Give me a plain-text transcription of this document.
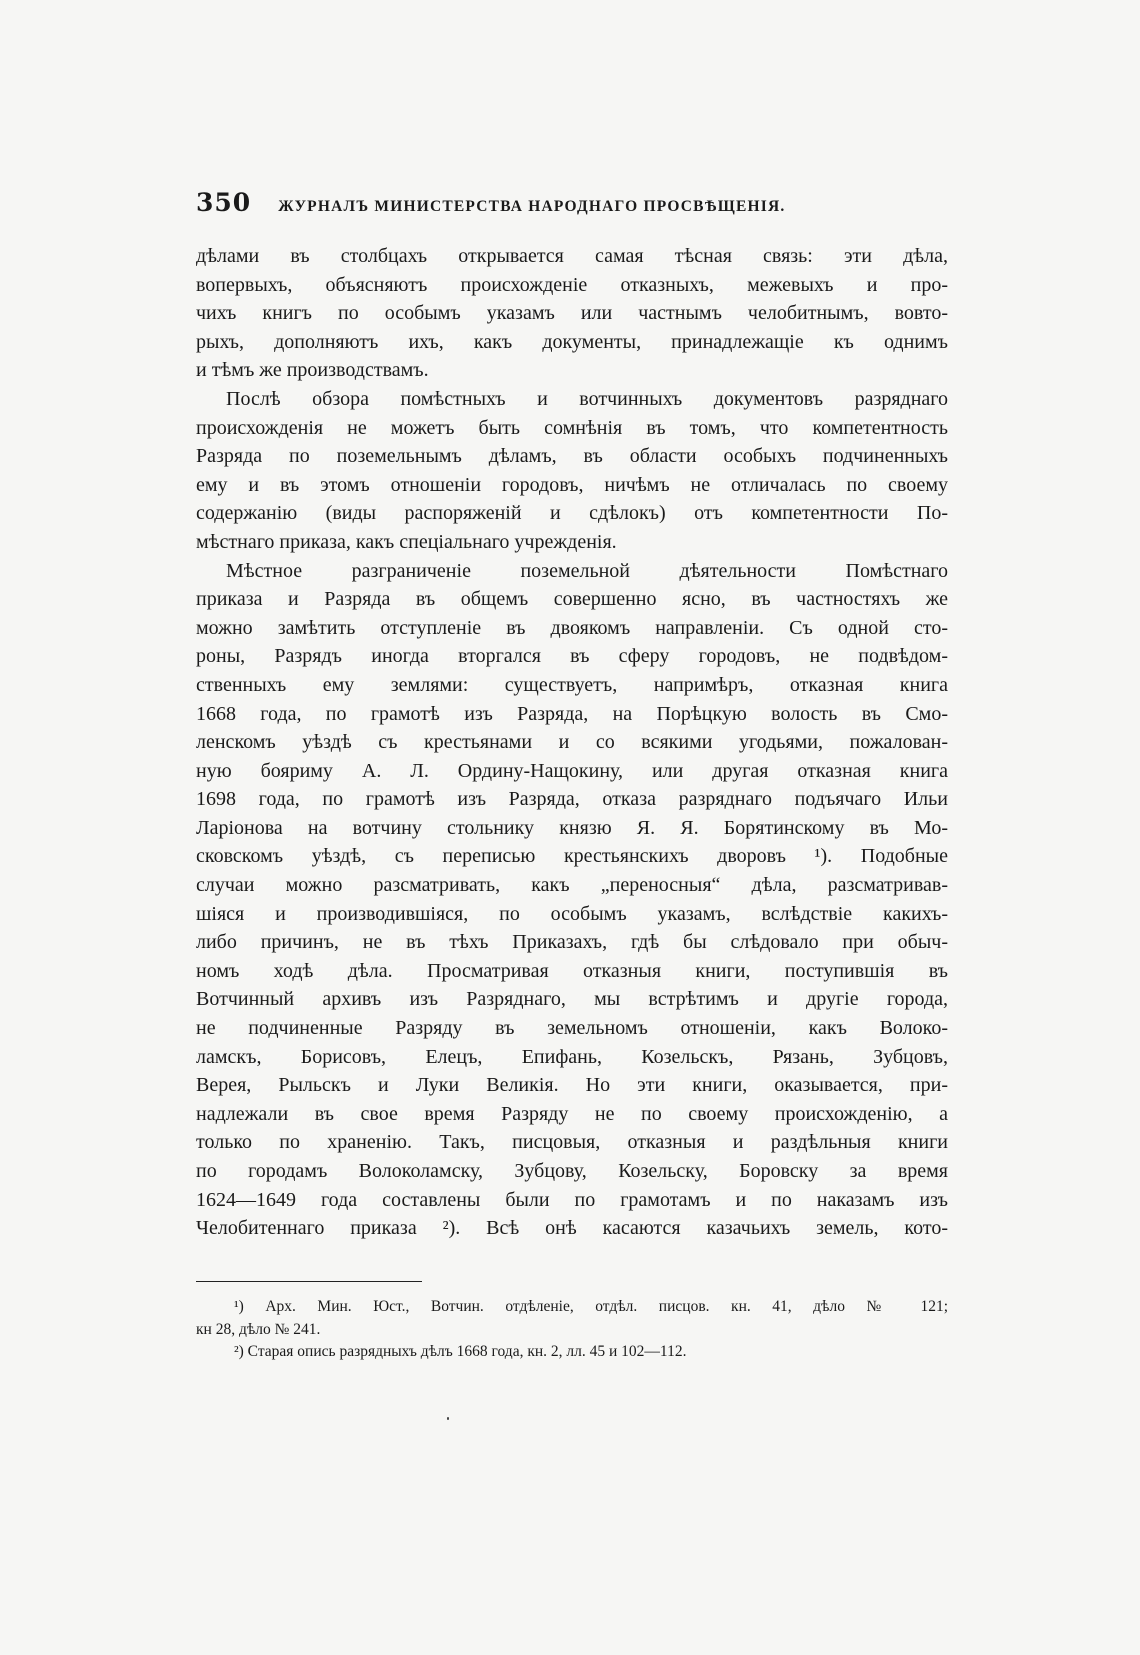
350 ЖУРНАЛЪ МИНИСТЕРСТВА НАРОДНАГО ПРОСВѢЩЕНІЯ.
дѣлами въ столбцахъ открывается самая тѣсная связь: эти дѣла,
вопервыхъ, объясняютъ происхожденіе отказныхъ, межевыхъ и про-
чихъ книгъ по особымъ указамъ или частнымъ челобитнымъ, вовто-
рыхъ, дополняютъ ихъ, какъ документы, принадлежащіе къ однимъ
и тѣмъ же производствамъ.
Послѣ обзора помѣстныхъ и вотчинныхъ документовъ разряднаго
происхожденія не можетъ быть сомнѣнія въ томъ, что компетентность
Разряда по поземельнымъ дѣламъ, въ области особыхъ подчиненныхъ
ему и въ этомъ отношеніи городовъ, ничѣмъ не отличалась по своему
содержанію (виды распоряженій и сдѣлокъ) отъ компетентности По-
мѣстнаго приказа, какъ спеціальнаго учрежденія.
Мѣстное разграниченіе поземельной дѣятельности Помѣстнаго
приказа и Разряда въ общемъ совершенно ясно, въ частностяхъ же
можно замѣтить отступленіе въ двоякомъ направленіи. Съ одной сто-
роны, Разрядъ иногда вторгался въ сферу городовъ, не подвѣдом-
ственныхъ ему землями: существуетъ, напримѣръ, отказная книга
1668 года, по грамотѣ изъ Разряда, на Порѣцкую волость въ Смо-
ленскомъ уѣздѣ съ крестьянами и со всякими угодьями, пожалован-
ную бояриму А. Л. Ордину-Нащокину, или другая отказная книга
1698 года, по грамотѣ изъ Разряда, отказа разряднаго подъячаго Ильи
Ларіонова на вотчину стольнику князю Я. Я. Борятинскому въ Мо-
сковскомъ уѣздѣ, съ переписью крестьянскихъ дворовъ ¹). Подобные
случаи можно разсматривать, какъ „переносныя“ дѣла, разсматривав-
шіяся и производившіяся, по особымъ указамъ, вслѣдствіе какихъ-
либо причинъ, не въ тѣхъ Приказахъ, гдѣ бы слѣдовало при обыч-
номъ ходѣ дѣла. Просматривая отказныя книги, поступившія въ
Вотчинный архивъ изъ Разряднаго, мы встрѣтимъ и другіе города,
не подчиненные Разряду въ земельномъ отношеніи, какъ Волоко-
ламскъ, Борисовъ, Елецъ, Епифань, Козельскъ, Рязань, Зубцовъ,
Верея, Рыльскъ и Луки Великія. Но эти книги, оказывается, при-
надлежали въ свое время Разряду не по своему происхожденію, а
только по храненію. Такъ, писцовыя, отказныя и раздѣльныя книги
по городамъ Волоколамску, Зубцову, Козельску, Боровску за время
1624—1649 года составлены были по грамотамъ и по наказамъ изъ
Челобитеннаго приказа ²). Всѣ онѣ касаются казачьихъ земель, кото-
¹) Арх. Мин. Юст., Вотчин. отдѣленіе, отдѣл. писцов. кн. 41, дѣло № 121;
кн 28, дѣло № 241.
²) Старая опись разрядныхъ дѣлъ 1668 года, кн. 2, лл. 45 и 102—112.
